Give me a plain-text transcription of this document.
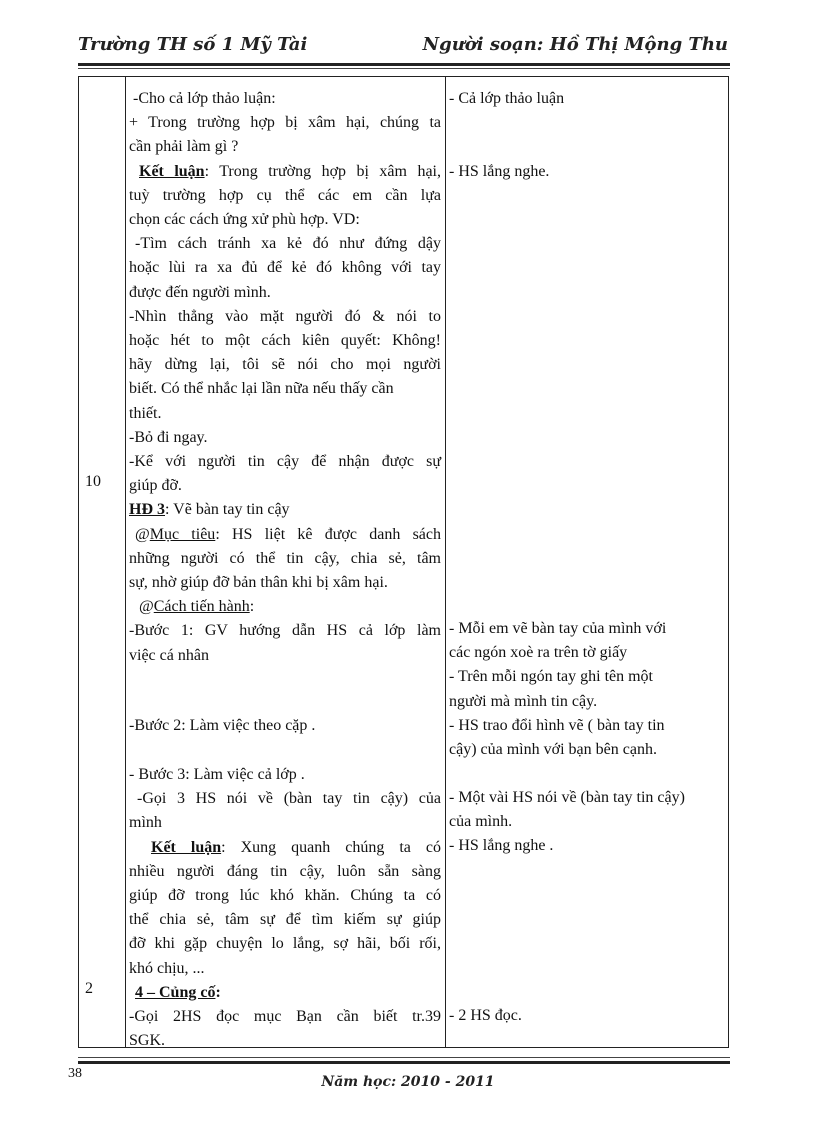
Trường TH số 1 Mỹ Tài	Người soạn: Hồ Thị Mộng Thu
10
2
-Cho cả lớp thảo luận:
+ Trong trường hợp bị xâm hại, chúng ta
cần phải làm gì ?
Kết luận: Trong trường hợp bị xâm hại,
tuỳ trường hợp cụ thể các em cần lựa
chọn các cách ứng xử phù hợp. VD:
-Tìm cách tránh xa kẻ đó như đứng dậy
hoặc lùi ra xa đủ để kẻ đó không với tay
được đến người mình.
-Nhìn thẳng vào mặt người đó & nói to
hoặc hét to một cách kiên quyết: Không!
hãy dừng lại, tôi sẽ nói cho mọi người
biết. Có thể nhắc lại lần nữa nếu thấy cần
thiết.
-Bỏ đi ngay.
-Kể với người tin cậy để nhận được sự
giúp đỡ.
HĐ 3: Vẽ bàn tay tin cậy
@Mục tiêu: HS liệt kê được danh sách
những người có thể tin cậy, chia sẻ, tâm
sự, nhờ giúp đỡ bản thân khi bị xâm hại.
@Cách tiến hành:
-Bước 1: GV hướng dẫn HS cả lớp làm
việc cá nhân
-Bước 2: Làm việc theo cặp .
- Bước 3: Làm việc cả lớp .
-Gọi 3 HS nói về (bàn tay tin cậy) của
mình
Kết luận: Xung quanh chúng ta có
nhiều người đáng tin cậy, luôn sẵn sàng
giúp đỡ trong lúc khó khăn. Chúng ta có
thể chia sẻ, tâm sự để tìm kiếm sự giúp
đỡ khi gặp chuyện lo lắng, sợ hãi, bối rối,
khó chịu, ...
4 – Củng cố:
-Gọi 2HS đọc mục Bạn cần biết tr.39
SGK.
- Cả lớp thảo luận
- HS lắng nghe.
- Mỗi em vẽ bàn tay của mình với
các ngón xoè ra trên tờ giấy
- Trên mỗi ngón tay ghi tên một
người mà mình tin cậy.
- HS trao đổi hình vẽ ( bàn tay tin
cậy) của mình với bạn bên cạnh.
- Một vài HS nói về (bàn tay tin cậy)
của mình.
- HS lắng nghe .
- 2 HS đọc.
38
Năm học: 2010 - 2011
